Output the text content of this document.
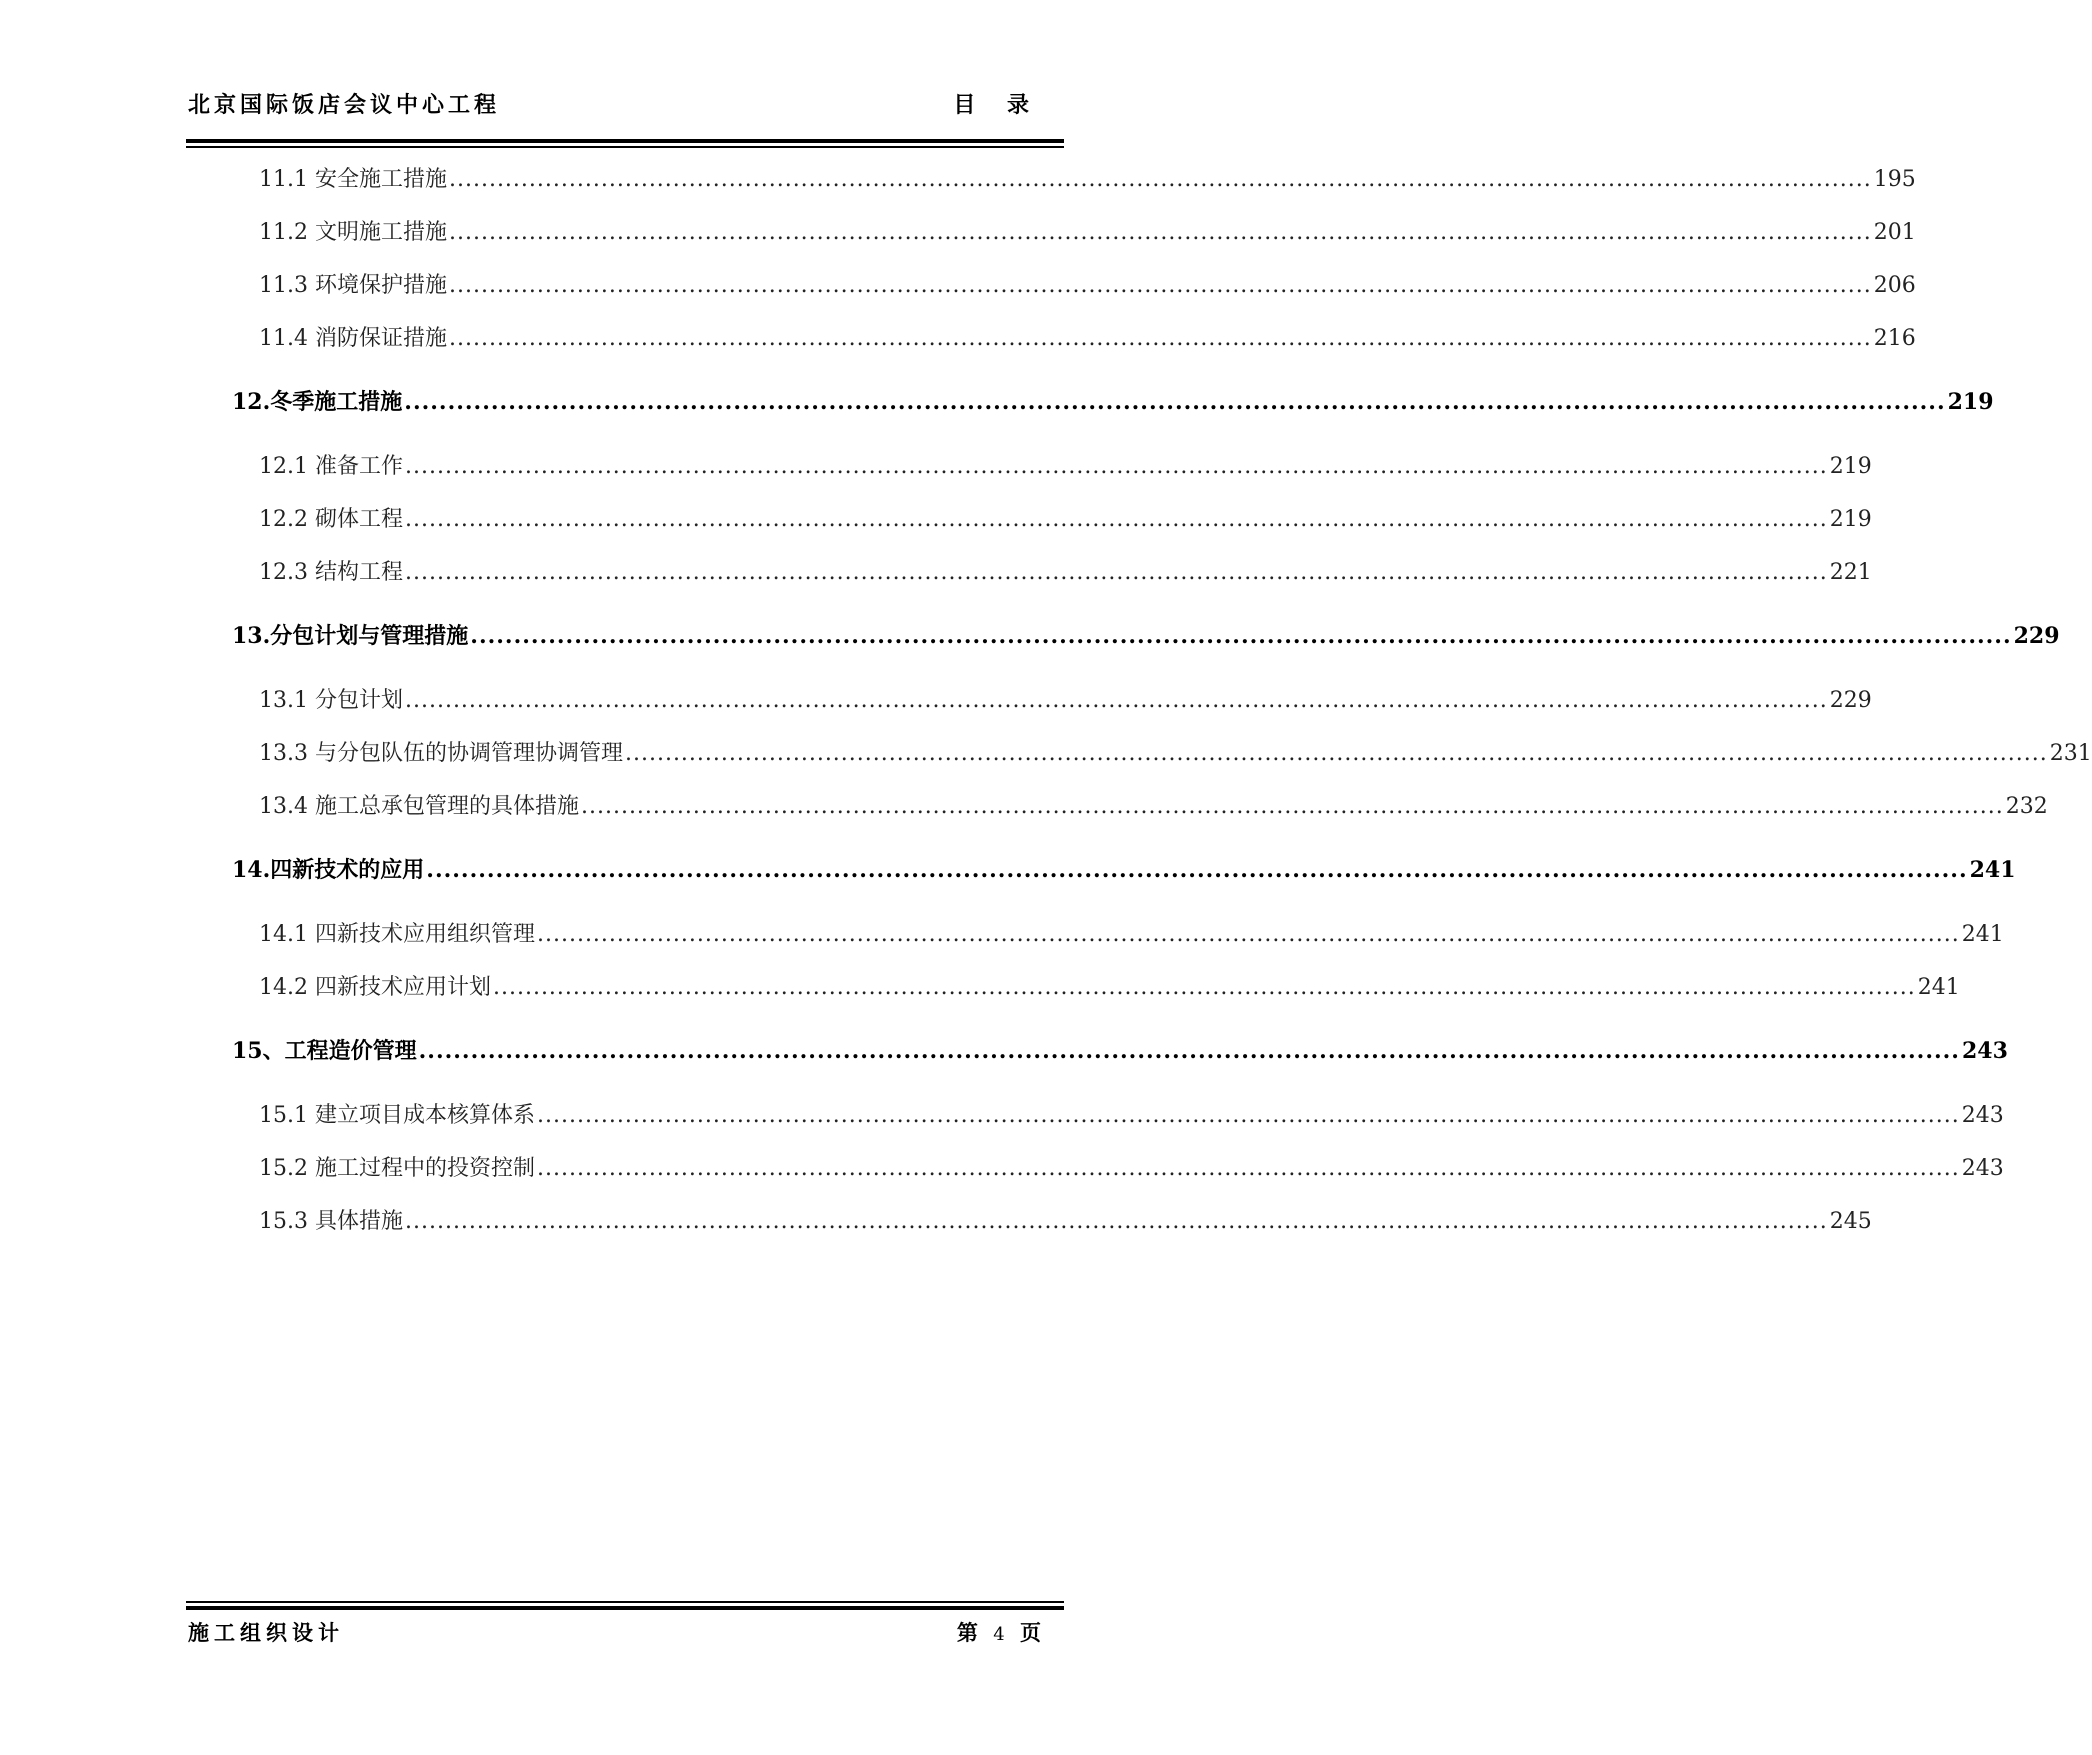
北京国际饭店会议中心工程	目 录
11.1 安全施工措施 .................................................................................................................................................................................. 195
11.2 文明施工措施 .................................................................................................................................................................................. 201
11.3 环境保护措施 .................................................................................................................................................................................. 206
11.4 消防保证措施 .................................................................................................................................................................................. 216
12.冬季施工措施 .................................................................................................................................................................................. 219
12.1 准备工作 .................................................................................................................................................................................. 219
12.2 砌体工程 .................................................................................................................................................................................. 219
12.3 结构工程 .................................................................................................................................................................................. 221
13.分包计划与管理措施 .................................................................................................................................................................................. 229
13.1 分包计划 .................................................................................................................................................................................. 229
13.3 与分包队伍的协调管理协调管理 .................................................................................................................................................................................. 231
13.4 施工总承包管理的具体措施 .................................................................................................................................................................................. 232
14.四新技术的应用 .................................................................................................................................................................................. 241
14.1 四新技术应用组织管理 .................................................................................................................................................................................. 241
14.2 四新技术应用计划 .................................................................................................................................................................................. 241
15、工程造价管理 .................................................................................................................................................................................. 243
15.1 建立项目成本核算体系 .................................................................................................................................................................................. 243
15.2 施工过程中的投资控制 .................................................................................................................................................................................. 243
15.3 具体措施 .................................................................................................................................................................................. 245
施工组织设计	第 4 页
